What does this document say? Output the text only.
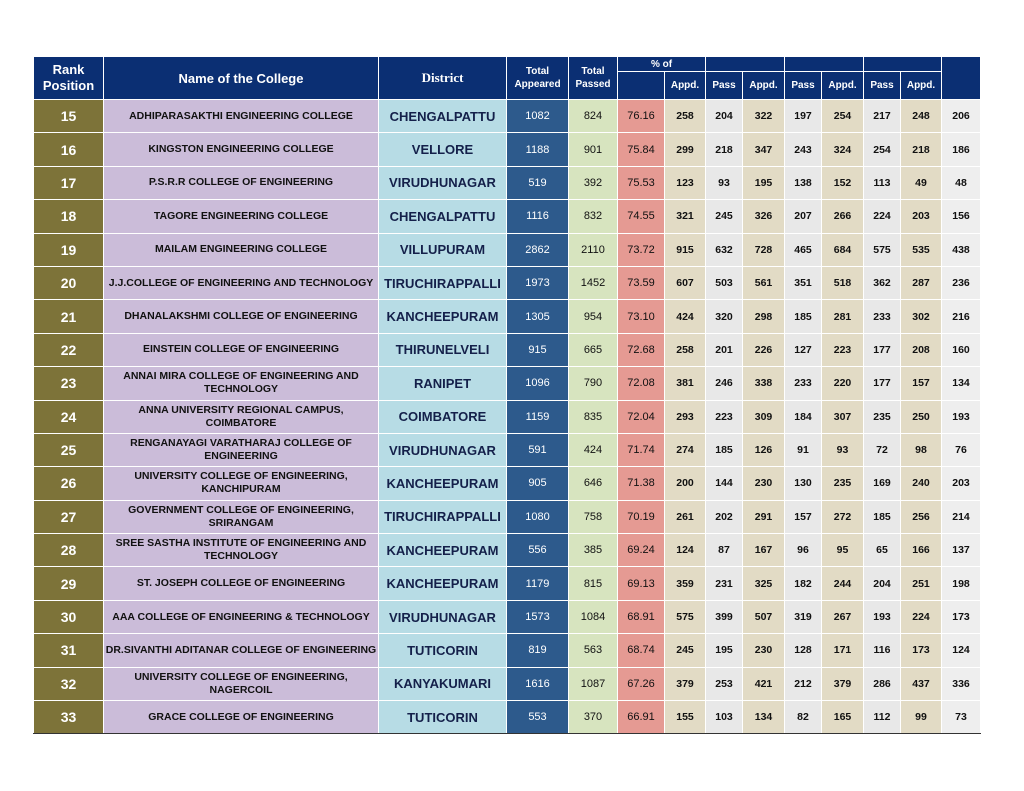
Rank Position	Name of the College	District	Total Appeared	Total Passed	% of								
						Appd.	Pass	Appd.	Pass	Appd.	Pass	Appd.	
15	ADHIPARASAKTHI ENGINEERING COLLEGE	CHENGALPATTU	1082	824	76.16	258	204	322	197	254	217	248	206
16	KINGSTON ENGINEERING COLLEGE	VELLORE	1188	901	75.84	299	218	347	243	324	254	218	186
17	P.S.R.R COLLEGE OF ENGINEERING	VIRUDHUNAGAR	519	392	75.53	123	93	195	138	152	113	49	48
18	TAGORE ENGINEERING COLLEGE	CHENGALPATTU	1116	832	74.55	321	245	326	207	266	224	203	156
19	MAILAM ENGINEERING COLLEGE	VILLUPURAM	2862	2110	73.72	915	632	728	465	684	575	535	438
20	J.J.COLLEGE OF ENGINEERING AND TECHNOLOGY	TIRUCHIRAPPALLI	1973	1452	73.59	607	503	561	351	518	362	287	236
21	DHANALAKSHMI COLLEGE OF ENGINEERING	KANCHEEPURAM	1305	954	73.10	424	320	298	185	281	233	302	216
22	EINSTEIN COLLEGE OF ENGINEERING	THIRUNELVELI	915	665	72.68	258	201	226	127	223	177	208	160
23	ANNAI MIRA COLLEGE OF ENGINEERING AND TECHNOLOGY	RANIPET	1096	790	72.08	381	246	338	233	220	177	157	134
24	ANNA UNIVERSITY REGIONAL CAMPUS, COIMBATORE	COIMBATORE	1159	835	72.04	293	223	309	184	307	235	250	193
25	RENGANAYAGI VARATHARAJ COLLEGE OF ENGINEERING	VIRUDHUNAGAR	591	424	71.74	274	185	126	91	93	72	98	76
26	UNIVERSITY COLLEGE OF ENGINEERING, KANCHIPURAM	KANCHEEPURAM	905	646	71.38	200	144	230	130	235	169	240	203
27	GOVERNMENT COLLEGE OF ENGINEERING, SRIRANGAM	TIRUCHIRAPPALLI	1080	758	70.19	261	202	291	157	272	185	256	214
28	SREE SASTHA INSTITUTE OF ENGINEERING AND TECHNOLOGY	KANCHEEPURAM	556	385	69.24	124	87	167	96	95	65	166	137
29	ST. JOSEPH COLLEGE OF ENGINEERING	KANCHEEPURAM	1179	815	69.13	359	231	325	182	244	204	251	198
30	AAA COLLEGE OF ENGINEERING & TECHNOLOGY	VIRUDHUNAGAR	1573	1084	68.91	575	399	507	319	267	193	224	173
31	DR.SIVANTHI ADITANAR COLLEGE OF ENGINEERING	TUTICORIN	819	563	68.74	245	195	230	128	171	116	173	124
32	UNIVERSITY COLLEGE OF ENGINEERING, NAGERCOIL	KANYAKUMARI	1616	1087	67.26	379	253	421	212	379	286	437	336
33	GRACE COLLEGE OF ENGINEERING	TUTICORIN	553	370	66.91	155	103	134	82	165	112	99	73
